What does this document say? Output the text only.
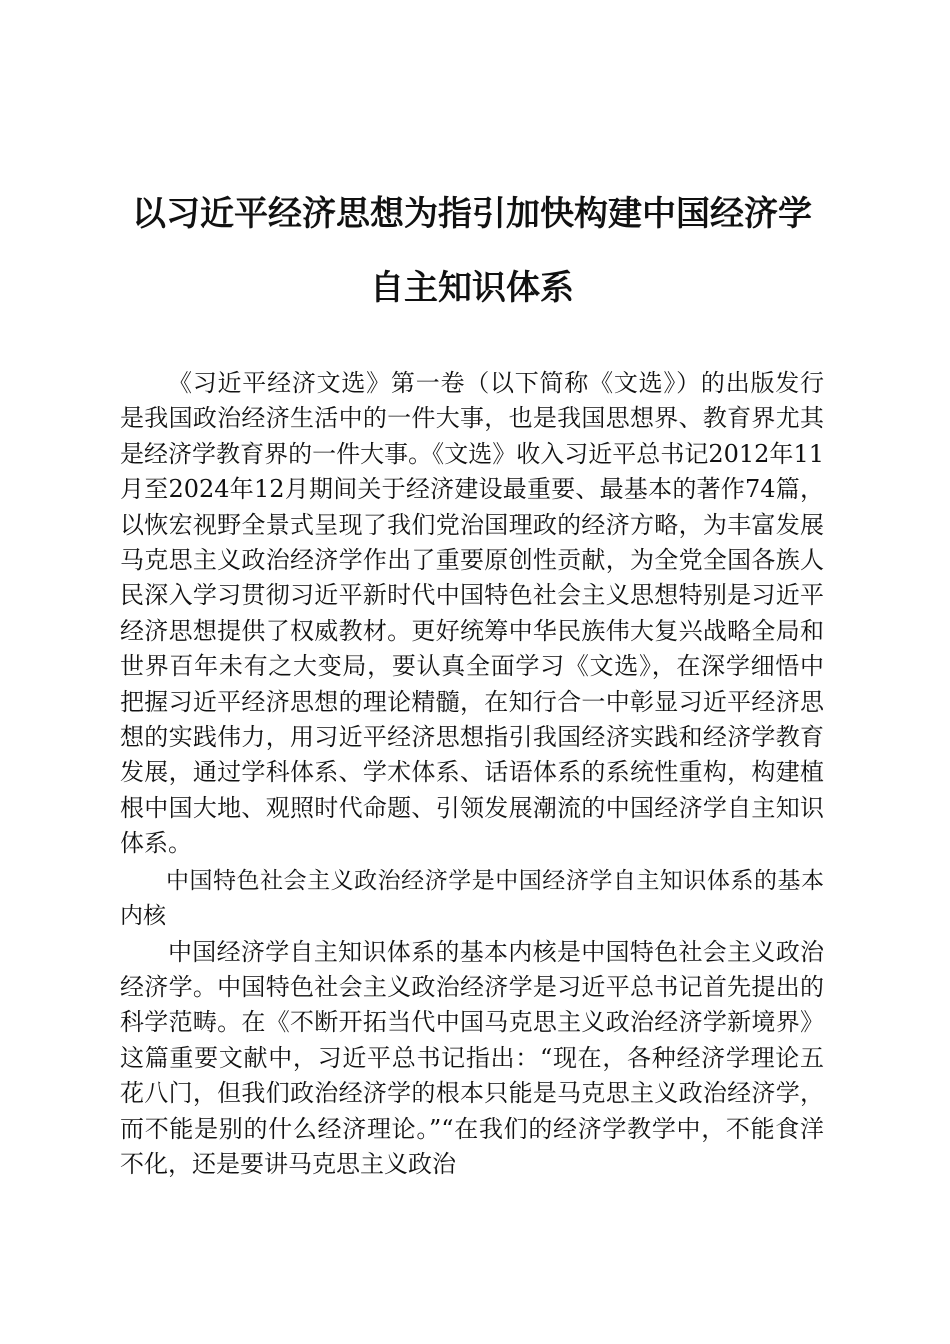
以习近平经济思想为指引加快构建中国经济学
自主知识体系

《习近平经济文选》第一卷（以下简称《文选》）的出版发行是我国政治经济生活中的一件大事，也是我国思想界、教育界尤其是经济学教育界的一件大事。《文选》收入习近平总书记2012年11月至2024年12月期间关于经济建设最重要、最基本的著作74篇，以恢宏视野全景式呈现了我们党治国理政的经济方略，为丰富发展马克思主义政治经济学作出了重要原创性贡献，为全党全国各族人民深入学习贯彻习近平新时代中国特色社会主义思想特别是习近平经济思想提供了权威教材。更好统筹中华民族伟大复兴战略全局和世界百年未有之大变局，要认真全面学习《文选》，在深学细悟中把握习近平经济思想的理论精髓，在知行合一中彰显习近平经济思想的实践伟力，用习近平经济思想指引我国经济实践和经济学教育发展，通过学科体系、学术体系、话语体系的系统性重构，构建植根中国大地、观照时代命题、引领发展潮流的中国经济学自主知识体系。

中国特色社会主义政治经济学是中国经济学自主知识体系的基本内核

中国经济学自主知识体系的基本内核是中国特色社会主义政治经济学。中国特色社会主义政治经济学是习近平总书记首先提出的科学范畴。在《不断开拓当代中国马克思主义政治经济学新境界》这篇重要文献中，习近平总书记指出：“现在，各种经济学理论五花八门，但我们政治经济学的根本只能是马克思主义政治经济学，而不能是别的什么经济理论。”“在我们的经济学教学中，不能食洋不化，还是要讲马克思主义政治
